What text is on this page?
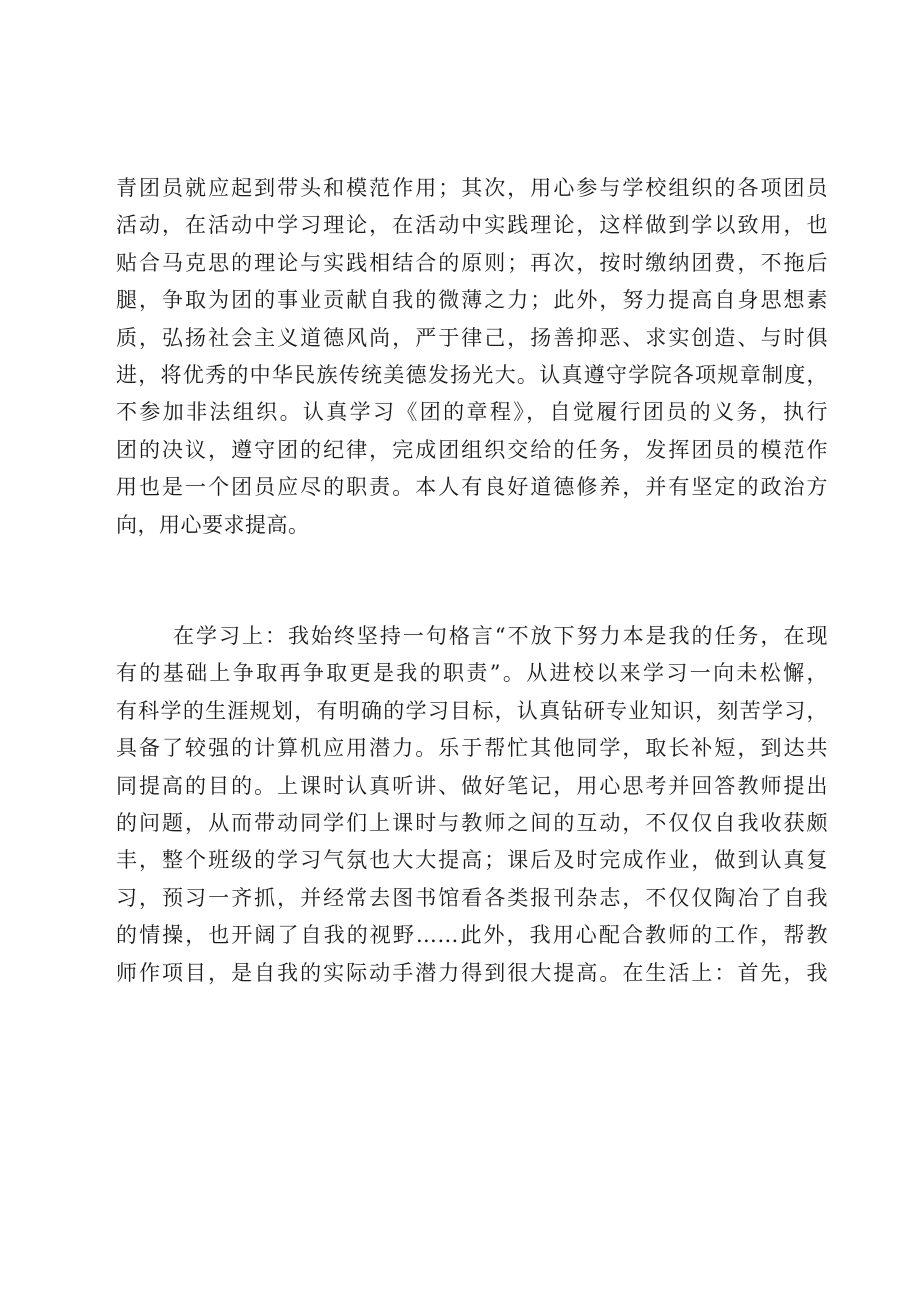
青团员就应起到带头和模范作用；其次，用心参与学校组织的各项团员
活动，在活动中学习理论，在活动中实践理论，这样做到学以致用，也
贴合马克思的理论与实践相结合的原则；再次，按时缴纳团费，不拖后
腿，争取为团的事业贡献自我的微薄之力；此外，努力提高自身思想素
质，弘扬社会主义道德风尚，严于律己，扬善抑恶、求实创造、与时俱
进，将优秀的中华民族传统美德发扬光大。认真遵守学院各项规章制度，
不参加非法组织。认真学习《团的章程》，自觉履行团员的义务，执行
团的决议，遵守团的纪律，完成团组织交给的任务，发挥团员的模范作
用也是一个团员应尽的职责。本人有良好道德修养，并有坚定的政治方
向，用心要求提高。
在学习上：我始终坚持一句格言“不放下努力本是我的任务，在现
有的基础上争取再争取更是我的职责”。从进校以来学习一向未松懈，
有科学的生涯规划，有明确的学习目标，认真钻研专业知识，刻苦学习，
具备了较强的计算机应用潜力。乐于帮忙其他同学，取长补短，到达共
同提高的目的。上课时认真听讲、做好笔记，用心思考并回答教师提出
的问题，从而带动同学们上课时与教师之间的互动，不仅仅自我收获颇
丰，整个班级的学习气氛也大大提高；课后及时完成作业，做到认真复
习，预习一齐抓，并经常去图书馆看各类报刊杂志，不仅仅陶冶了自我
的情操，也开阔了自我的视野……此外，我用心配合教师的工作，帮教
师作项目，是自我的实际动手潜力得到很大提高。在生活上：首先，我
